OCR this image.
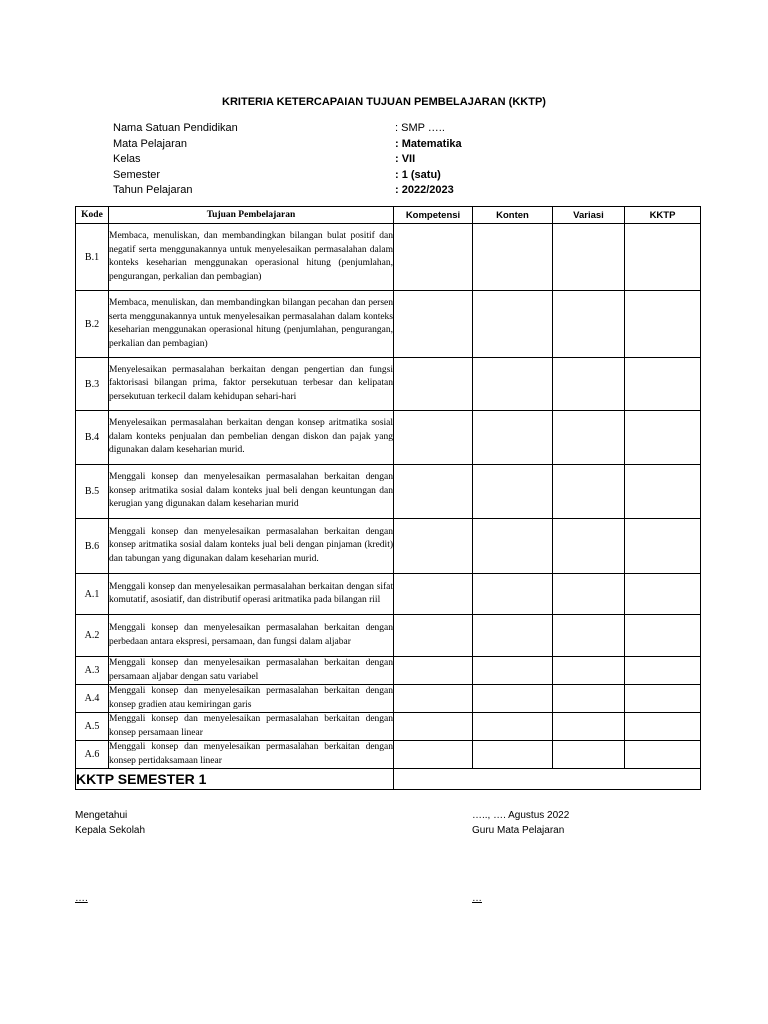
KRITERIA KETERCAPAIAN TUJUAN PEMBELAJARAN (KKTP)
Nama Satuan Pendidikan	: SMP …..
Mata Pelajaran	: Matematika
Kelas	: VII
Semester	: 1 (satu)
Tahun Pelajaran	: 2022/2023
Kode	Tujuan Pembelajaran	Kompetensi	Konten	Variasi	KKTP
B.1	Membaca, menuliskan, dan membandingkan bilangan bulat positif dan negatif serta menggunakannya untuk menyelesaikan permasalahan dalam konteks keseharian menggunakan operasional hitung (penjumlahan, pengurangan, perkalian dan pembagian)				
B.2	Membaca, menuliskan, dan membandingkan bilangan pecahan dan persen serta menggunakannya untuk menyelesaikan permasalahan dalam konteks keseharian menggunakan operasional hitung (penjumlahan, pengurangan, perkalian dan pembagian)				
B.3	Menyelesaikan permasalahan berkaitan dengan pengertian dan fungsi faktorisasi bilangan prima, faktor persekutuan terbesar dan kelipatan persekutuan terkecil dalam kehidupan sehari-hari				
B.4	Menyelesaikan permasalahan berkaitan dengan konsep aritmatika sosial dalam konteks penjualan dan pembelian dengan diskon dan pajak yang digunakan dalam keseharian murid.				
B.5	Menggali konsep dan menyelesaikan permasalahan berkaitan dengan konsep aritmatika sosial dalam konteks jual beli dengan keuntungan dan kerugian yang digunakan dalam keseharian murid				
B.6	Menggali konsep dan menyelesaikan permasalahan berkaitan dengan konsep aritmatika sosial dalam konteks jual beli dengan pinjaman (kredit) dan tabungan yang digunakan dalam keseharian murid.				
A.1	Menggali konsep dan menyelesaikan permasalahan berkaitan dengan sifat komutatif, asosiatif, dan distributif operasi aritmatika pada bilangan riil				
A.2	Menggali konsep dan menyelesaikan permasalahan berkaitan dengan perbedaan antara ekspresi, persamaan, dan fungsi dalam aljabar				
A.3	Menggali konsep dan menyelesaikan permasalahan berkaitan dengan persamaan aljabar dengan satu variabel				
A.4	Menggali konsep dan menyelesaikan permasalahan berkaitan dengan konsep gradien atau kemiringan garis				
A.5	Menggali konsep dan menyelesaikan permasalahan berkaitan dengan konsep persamaan linear				
A.6	Menggali konsep dan menyelesaikan permasalahan berkaitan dengan konsep pertidaksamaan linear				
KKTP SEMESTER 1					
Mengetahui
Kepala Sekolah
….., …. Agustus 2022
Guru Mata Pelajaran
….	…
